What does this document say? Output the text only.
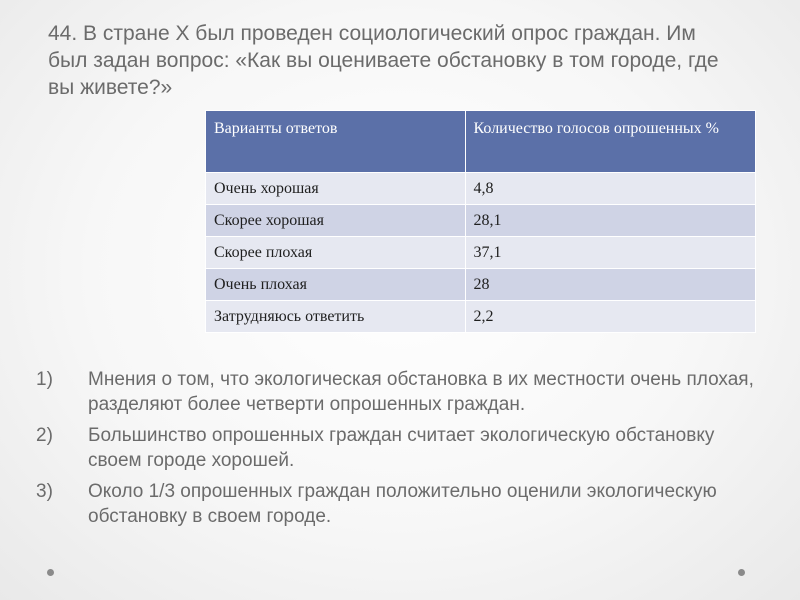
44. В стране Х был проведен социологический опрос граждан. Им был задан вопрос: «Как вы оцениваете обстановку в том городе, где вы живете?»

Варианты ответов	Количество голосов опрошенных %
Очень хорошая	4,8
Скорее хорошая	28,1
Скорее плохая	37,1
Очень плохая	28
Затрудняюсь ответить	2,2
1) Мнения о том, что экологическая обстановка в их местности очень плохая, разделяют более четверти опрошенных граждан.
2) Большинство опрошенных граждан считает экологическую обстановку своем городе хорошей.
3) Около 1/3 опрошенных граждан положительно оценили экологическую обстановку в своем городе.
